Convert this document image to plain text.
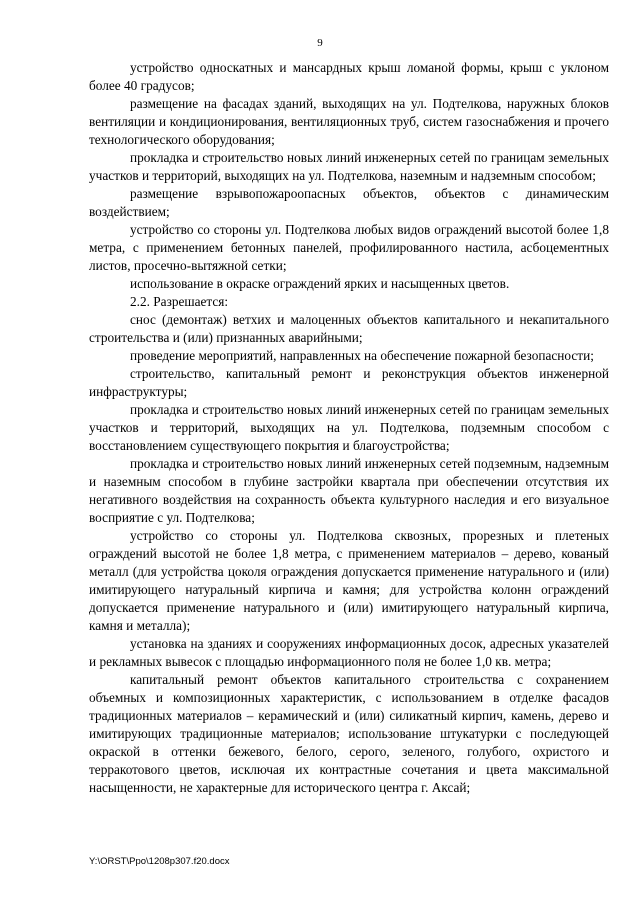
9

устройство односкатных и мансардных крыш ломаной формы, крыш с уклоном более 40 градусов;

размещение на фасадах зданий, выходящих на ул. Подтелкова, наружных блоков вентиляции и кондиционирования, вентиляционных труб, систем газоснабжения и прочего технологического оборудования;

прокладка и строительство новых линий инженерных сетей по границам земельных участков и территорий, выходящих на ул. Подтелкова, наземным и надземным способом;

размещение взрывопожароопасных объектов, объектов с динамическим воздействием;

устройство со стороны ул. Подтелкова любых видов ограждений высотой более 1,8 метра, с применением бетонных панелей, профилированного настила, асбоцементных листов, просечно-вытяжной сетки;

использование в окраске ограждений ярких и насыщенных цветов.

2.2. Разрешается:

снос (демонтаж) ветхих и малоценных объектов капитального и некапитального строительства и (или) признанных аварийными;

проведение мероприятий, направленных на обеспечение пожарной безопасности;

строительство, капитальный ремонт и реконструкция объектов инженерной инфраструктуры;

прокладка и строительство новых линий инженерных сетей по границам земельных участков и территорий, выходящих на ул. Подтелкова, подземным способом с восстановлением существующего покрытия и благоустройства;

прокладка и строительство новых линий инженерных сетей подземным, надземным и наземным способом в глубине застройки квартала при обеспечении отсутствия их негативного воздействия на сохранность объекта культурного наследия и его визуальное восприятие с ул. Подтелкова;

устройство со стороны ул. Подтелкова сквозных, прорезных и плетеных ограждений высотой не более 1,8 метра, с применением материалов – дерево, кованый металл (для устройства цоколя ограждения допускается применение натурального и (или) имитирующего натуральный кирпича и камня; для устройства колонн ограждений допускается применение натурального и (или) имитирующего натуральный кирпича, камня и металла);

установка на зданиях и сооружениях информационных досок, адресных указателей и рекламных вывесок с площадью информационного поля не более 1,0 кв. метра;

капитальный ремонт объектов капитального строительства с сохранением объемных и композиционных характеристик, с использованием в отделке фасадов традиционных материалов – керамический и (или) силикатный кирпич, камень, дерево и имитирующих традиционные материалов; использование штукатурки с последующей окраской в оттенки бежевого, белого, серого, зеленого, голубого, охристого и терракотового цветов, исключая их контрастные сочетания и цвета максимальной насыщенности, не характерные для исторического центра г. Аксай;

Y:\ORST\Ppo\1208p307.f20.docx
